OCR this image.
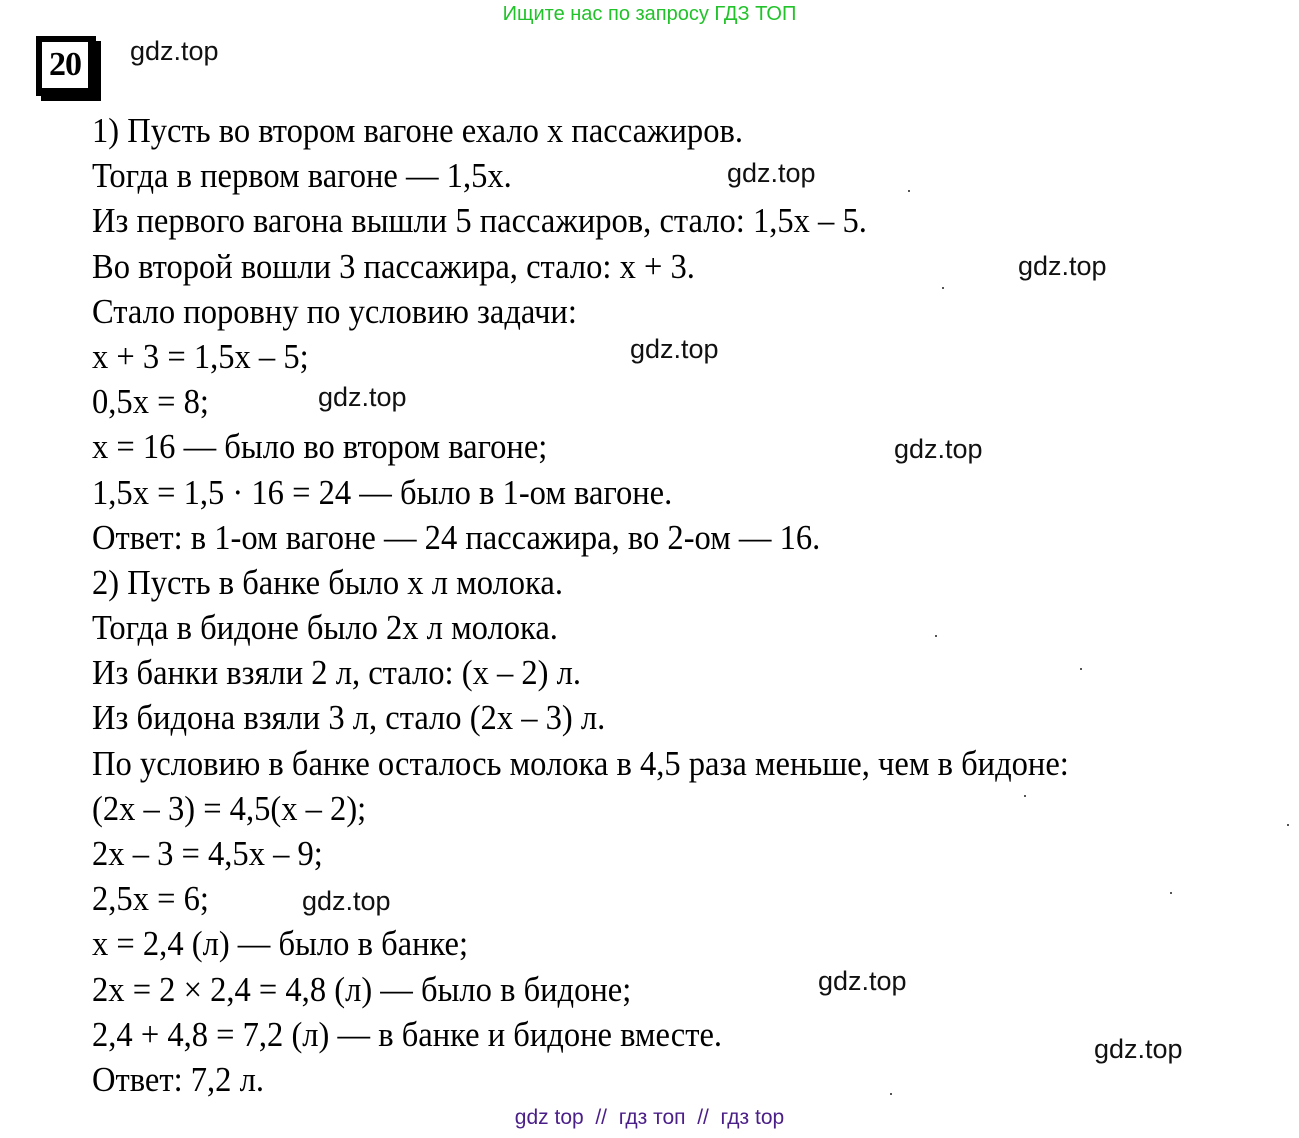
Ищите нас по запросу ГДЗ ТОП
20 gdz.top
gdz.top
gdz.top
gdz.top
gdz.top
gdz.top
gdz.top
gdz.top
gdz.top
1) Пусть во втором вагоне ехало x пассажиров.
Тогда в первом вагоне — 1,5x.
Из первого вагона вышли 5 пассажиров, стало: 1,5x – 5.
Во второй вошли 3 пассажира, стало: x + 3.
Стало поровну по условию задачи:
x + 3 = 1,5x – 5;
0,5x = 8;
x = 16 — было во втором вагоне;
1,5x = 1,5 · 16 = 24 — было в 1-ом вагоне.
Ответ: в 1-ом вагоне — 24 пассажира, во 2-ом — 16.
2) Пусть в банке было x л молока.
Тогда в бидоне было 2x л молока.
Из банки взяли 2 л, стало: (x – 2) л.
Из бидона взяли 3 л, стало (2x – 3) л.
По условию в банке осталось молока в 4,5 раза меньше, чем в бидоне:
(2x – 3) = 4,5(x – 2);
2x – 3 = 4,5x – 9;
2,5x = 6;
x = 2,4 (л) — было в банке;
2x = 2 × 2,4 = 4,8 (л) — было в бидоне;
2,4 + 4,8 = 7,2 (л) — в банке и бидоне вместе.
Ответ: 7,2 л.
gdz top  //  гдз топ  //  гдз top
